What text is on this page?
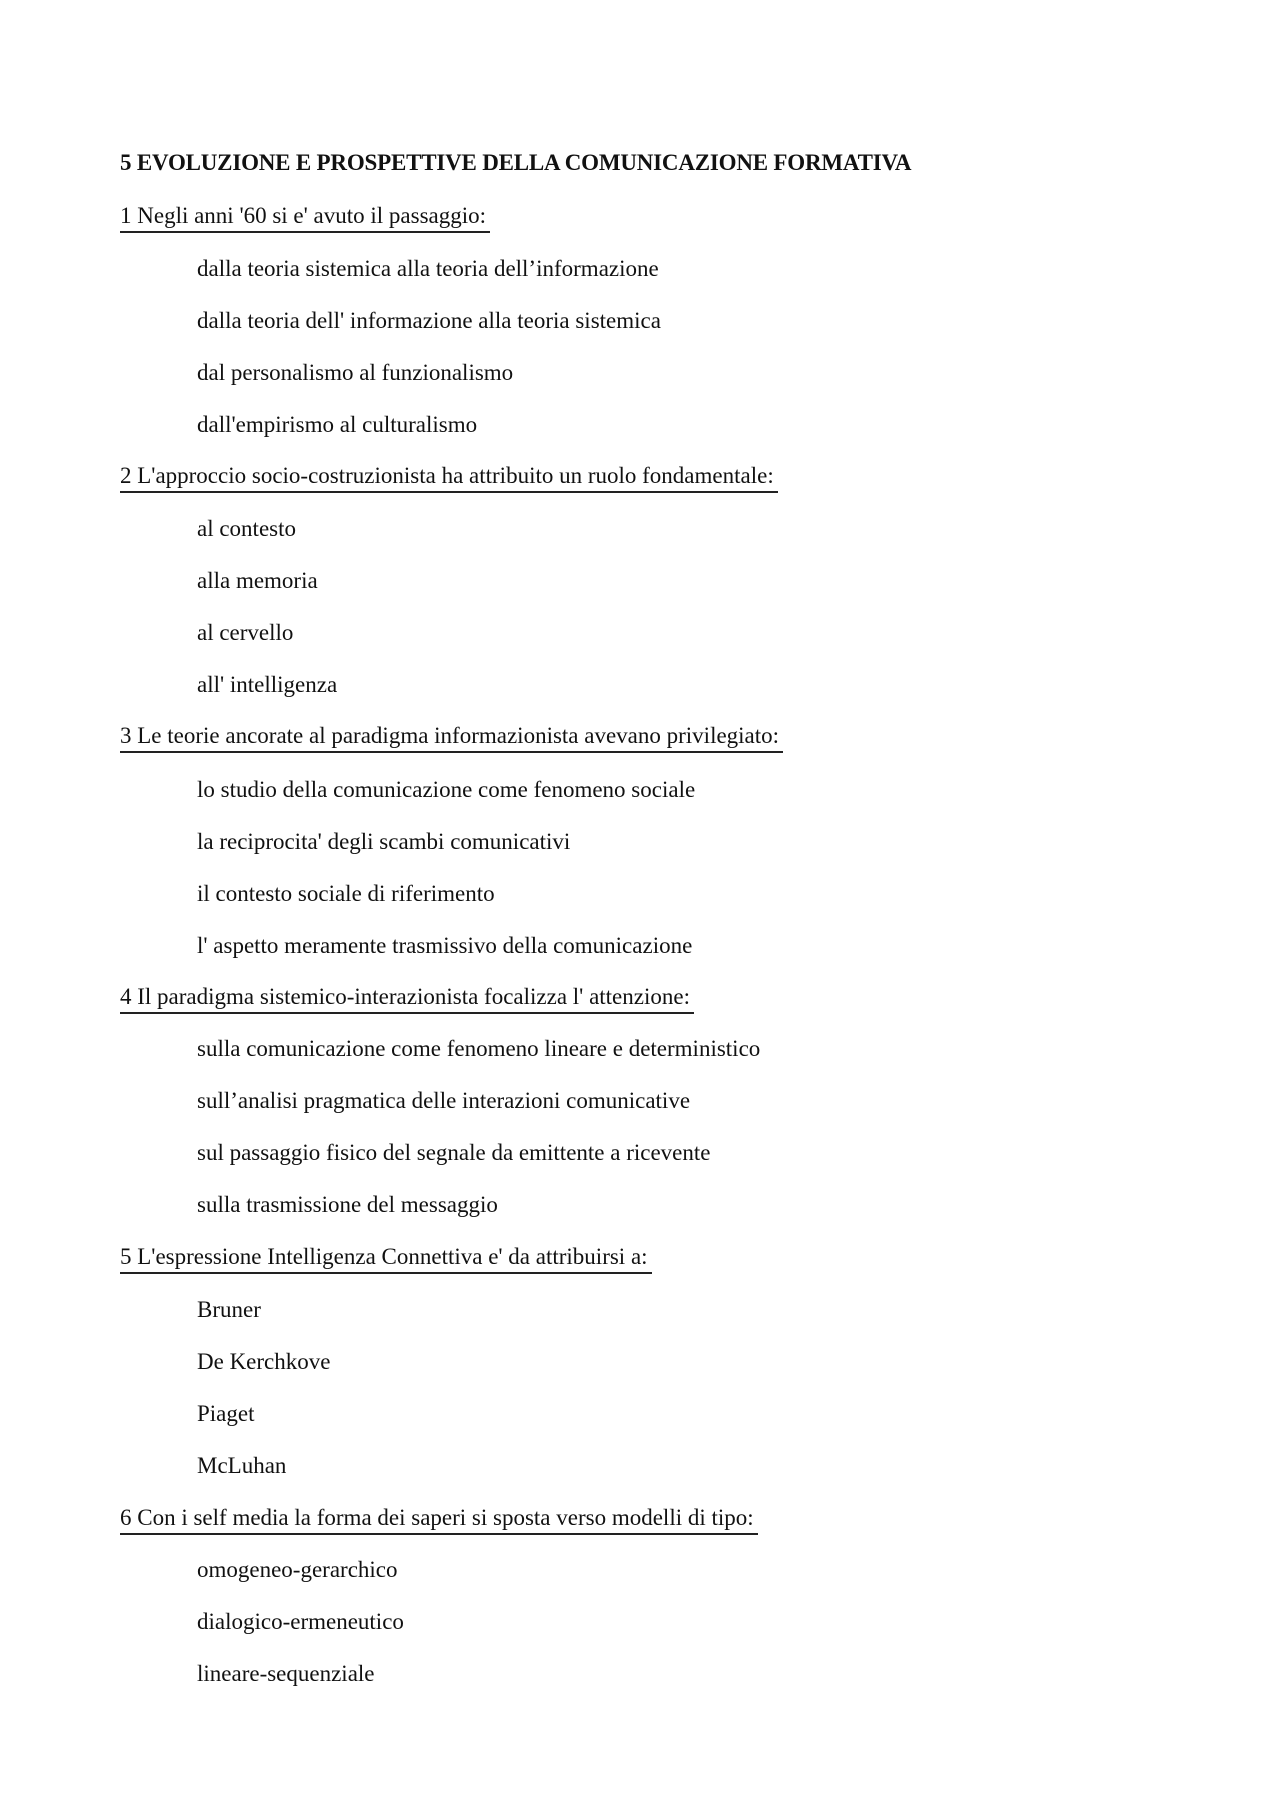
5 EVOLUZIONE E PROSPETTIVE DELLA COMUNICAZIONE FORMATIVA
1 Negli anni '60 si e' avuto il passaggio:
dalla teoria sistemica alla teoria dell’informazione
dalla teoria dell' informazione alla teoria sistemica
dal personalismo al funzionalismo
dall'empirismo al culturalismo
2 L'approccio socio-costruzionista ha attribuito un ruolo fondamentale:
al contesto
alla memoria
al cervello
all' intelligenza
3 Le teorie ancorate al paradigma informazionista avevano privilegiato:
lo studio della comunicazione come fenomeno sociale
la reciprocita' degli scambi comunicativi
il contesto sociale di riferimento
l' aspetto meramente trasmissivo della comunicazione
4 Il paradigma sistemico-interazionista focalizza l' attenzione:
sulla comunicazione come fenomeno lineare e deterministico
sull’analisi pragmatica delle interazioni comunicative
sul passaggio fisico del segnale da emittente a ricevente
sulla trasmissione del messaggio
5 L'espressione Intelligenza Connettiva e' da attribuirsi a:
Bruner
De Kerchkove
Piaget
McLuhan
6 Con i self media la forma dei saperi si sposta verso modelli di tipo:
omogeneo-gerarchico
dialogico-ermeneutico
lineare-sequenziale
